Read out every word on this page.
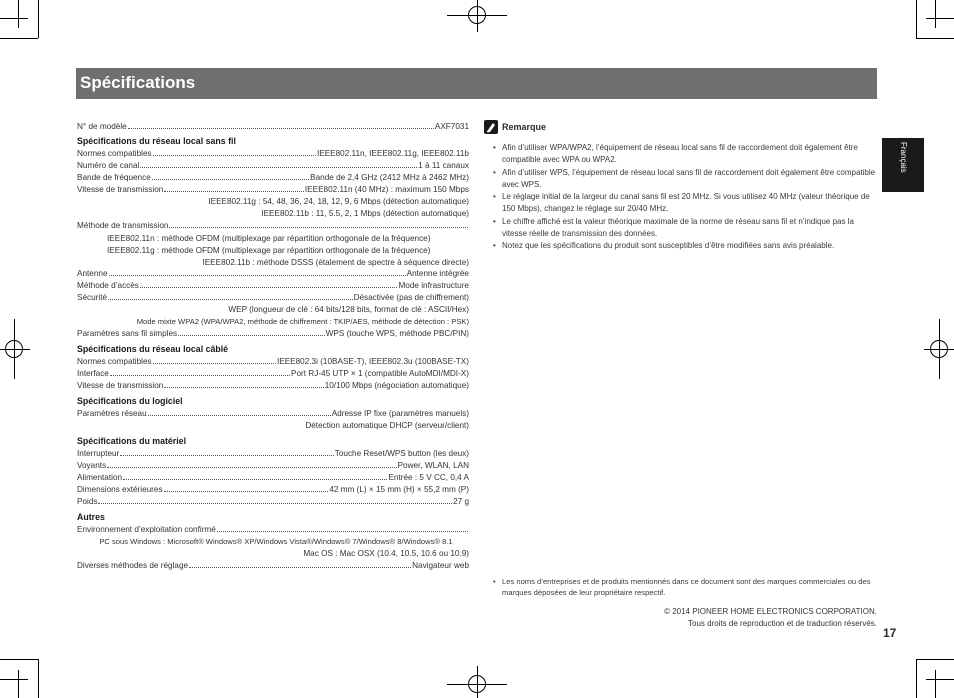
Spécifications
Français
N° de modèle	AXF7031
Spécifications du réseau local sans fil
Normes compatibles	IEEE802.11n, IEEE802.11g, IEEE802.11b
Numéro de canal	1 à 11 canaux
Bande de fréquence	Bande de 2,4 GHz (2412 MHz à 2462 MHz)
Vitesse de transmission	IEEE802.11n (40 MHz) : maximum 150 Mbps
IEEE802.11g : 54, 48, 36, 24, 18, 12, 9, 6 Mbps (détection automatique)
IEEE802.11b : 11, 5.5, 2, 1 Mbps (détection automatique)
Méthode de transmission
IEEE802.11n : méthode OFDM (multiplexage par répartition orthogonale de la fréquence)
IEEE802.11g : méthode OFDM (multiplexage par répartition orthogonale de la fréquence)
IEEE802.11b : méthode DSSS (étalement de spectre à séquence directe)
Antenne	Antenne intégrée
Méthode d’accès	Mode infrastructure
Sécurité	Désactivée (pas de chiffrement)
WEP (longueur de clé : 64 bits/128 bits, format de clé : ASCII/Hex)
Mode mixte WPA2 (WPA/WPA2, méthode de chiffrement : TKIP/AES, méthode de détection : PSK)
Paramètres sans fil simples	WPS (touche WPS, méthode PBC/PIN)
Spécifications du réseau local câblé
Normes compatibles	IEEE802.3i (10BASE-T), IEEE802.3u (100BASE-TX)
Interface	Port RJ-45 UTP × 1 (compatible AutoMDI/MDI-X)
Vitesse de transmission	10/100 Mbps (négociation automatique)
Spécifications du logiciel
Paramètres réseau	Adresse IP fixe (paramètres manuels)
Détection automatique DHCP (serveur/client)
Spécifications du matériel
Interrupteur	Touche Reset/WPS button (les deux)
Voyants	Power, WLAN, LAN
Alimentation	Entrée : 5 V CC, 0,4 A
Dimensions extérieures	42 mm (L) × 15 mm (H) × 55,2 mm (P)
Poids	27 g
Autres
Environnement d’exploitation confirmé
PC sous Windows : Microsoft® Windows® XP/Windows Vista®/Windows® 7/Windows® 8/Windows® 8.1
Mac OS : Mac OSX (10.4, 10.5, 10.6 ou 10.9)
Diverses méthodes de réglage	Navigateur web
Remarque
• Afin d’utiliser WPA/WPA2, l’équipement de réseau local sans fil de raccordement doit également être compatible avec WPA ou WPA2.
• Afin d’utiliser WPS, l’équipement de réseau local sans fil de raccordement doit également être compatible avec WPS.
• Le réglage initial de la largeur du canal sans fil est 20 MHz. Si vous utilisez 40 MHz (valeur théorique de 150 Mbps), changez le réglage sur 20/40 MHz.
• Le chiffre affiché est la valeur théorique maximale de la norme de réseau sans fil et n’indique pas la vitesse réelle de transmission des données.
• Notez que les spécifications du produit sont susceptibles d’être modifiées sans avis préalable.
• Les noms d’entreprises et de produits mentionnés dans ce document sont des marques commerciales ou des marques déposées de leur propriétaire respectif.
© 2014 PIONEER HOME ELECTRONICS CORPORATION.
Tous droits de reproduction et de traduction réservés.
17
